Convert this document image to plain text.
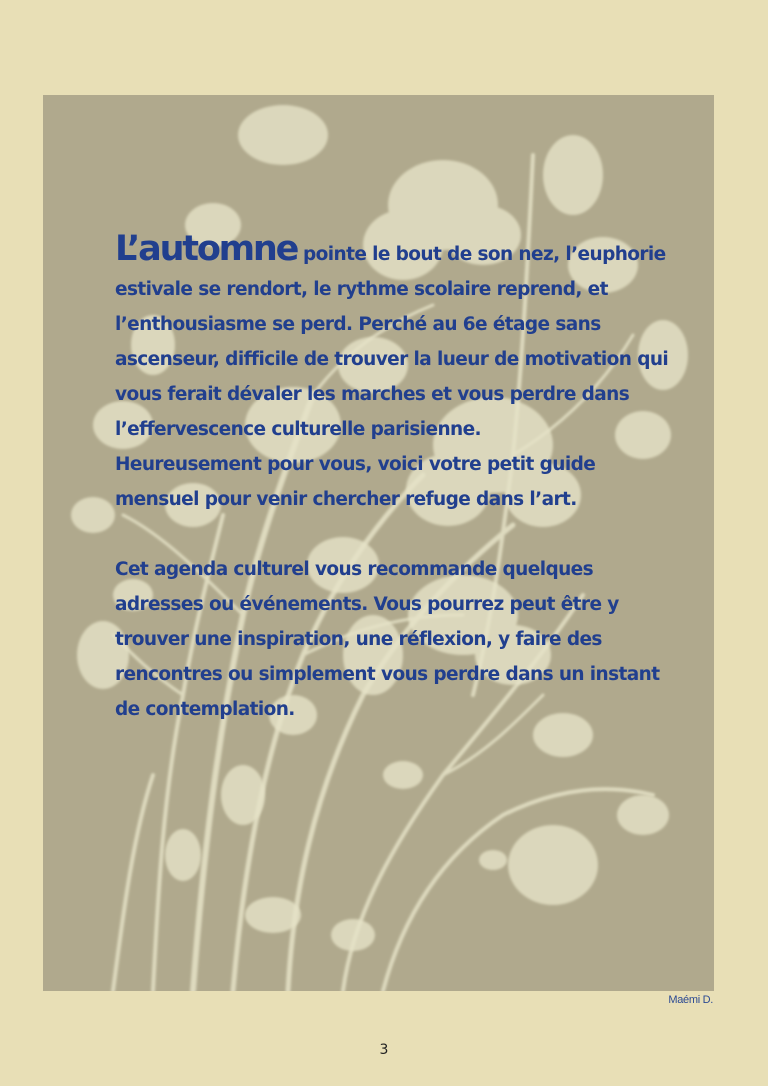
L’automne pointe le bout de son nez, l’euphorie estivale se rendort, le rythme scolaire reprend, et l’enthousiasme se perd. Perché au 6e étage sans ascenseur, difficile de trouver la lueur de motivation qui vous ferait dévaler les marches et vous perdre dans l’effervescence culturelle parisienne.

Heureusement pour vous, voici votre petit guide mensuel pour venir chercher refuge dans l’art.

Cet agenda culturel vous recommande quelques adresses ou événements. Vous pourrez peut être y trouver une inspiration, une réflexion, y faire des rencontres ou simplement vous perdre dans un instant de contemplation.

Maémi D.
3
